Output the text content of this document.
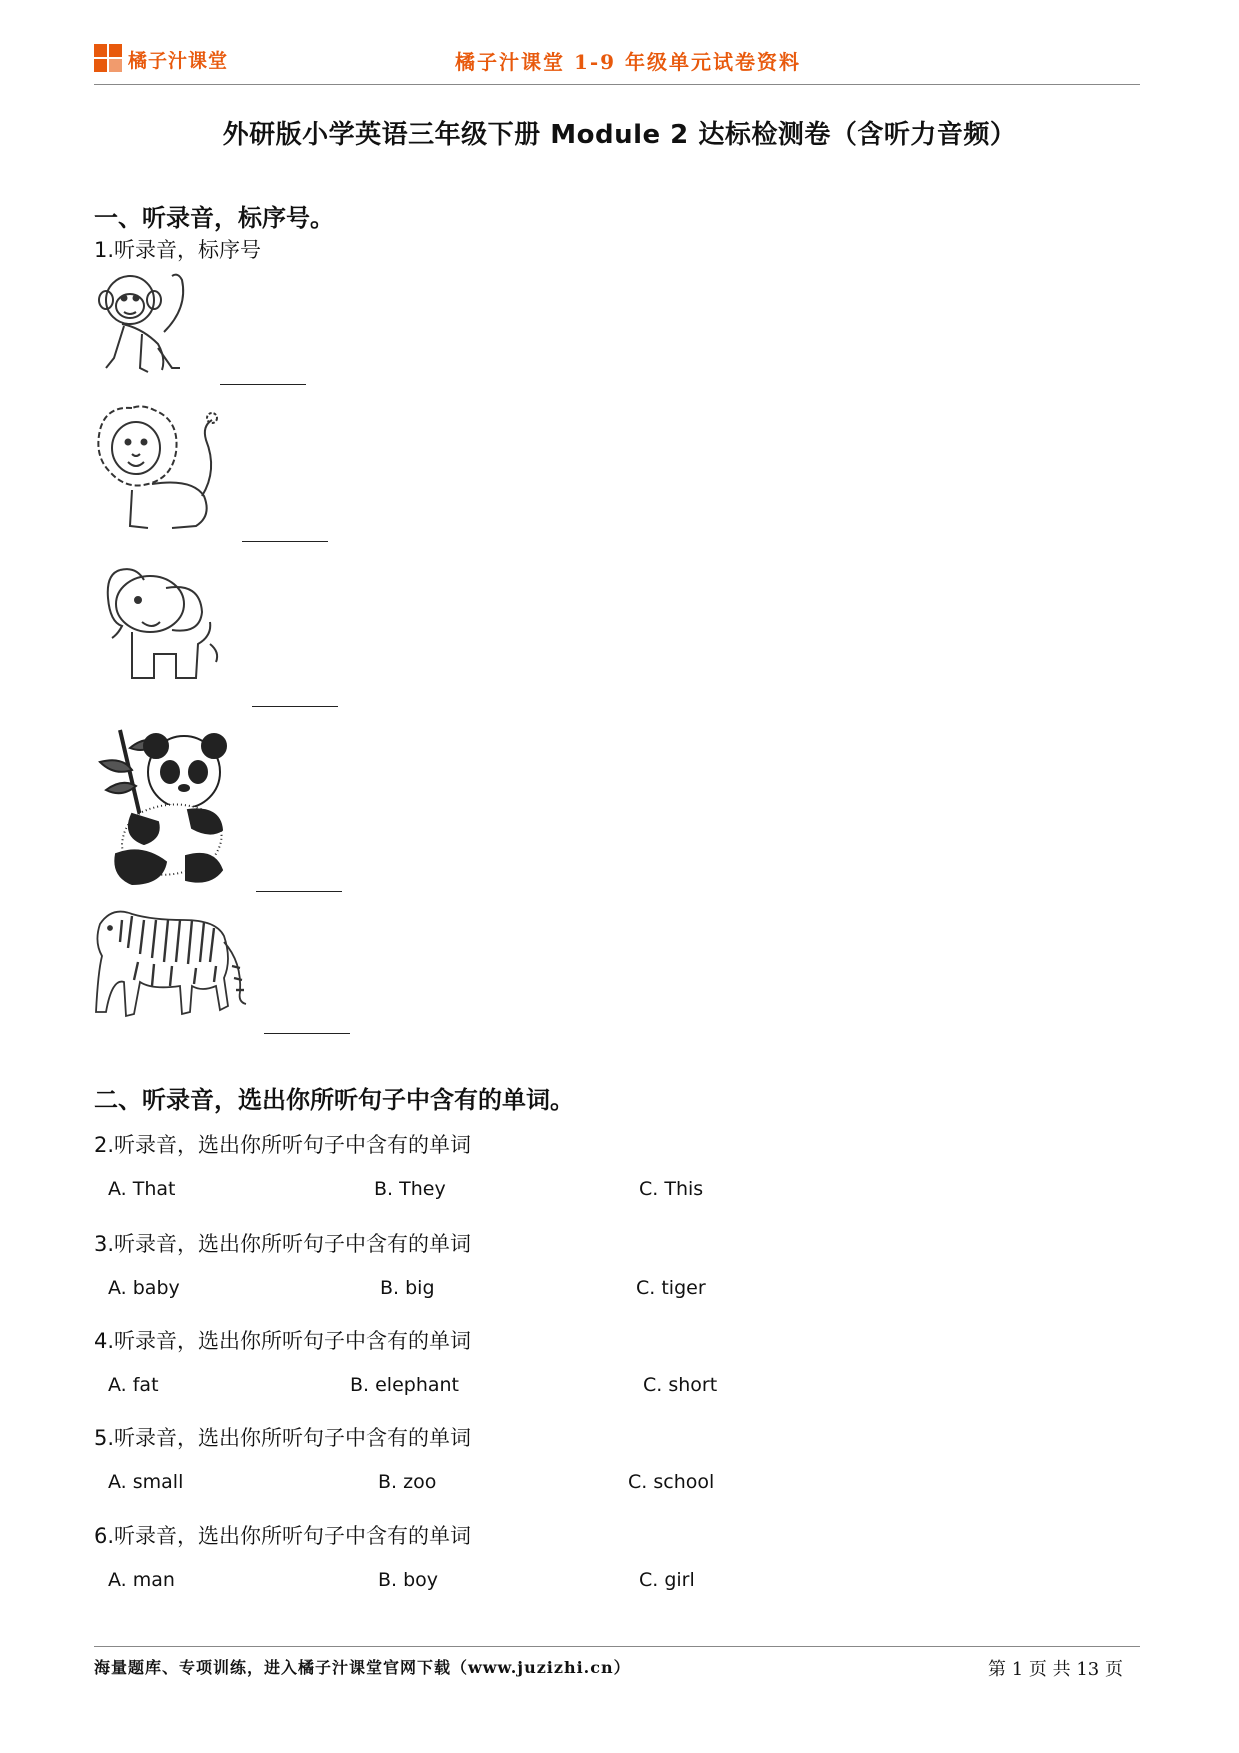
橘子汁课堂	橘子汁课堂 1-9 年级单元试卷资料
外研版小学英语三年级下册 Module 2 达标检测卷（含听力音频）
一、听录音，标序号。
1.听录音，标序号
二、听录音，选出你所听句子中含有的单词。
2.听录音，选出你所听句子中含有的单词
A. That	B. They	C. This
3.听录音，选出你所听句子中含有的单词
A. baby	B. big	C. tiger
4.听录音，选出你所听句子中含有的单词
A. fat	B. elephant	C. short
5.听录音，选出你所听句子中含有的单词
A. small	B. zoo	C. school
6.听录音，选出你所听句子中含有的单词
A. man	B. boy	C. girl
海量题库、专项训练，进入橘子汁课堂官网下载（www.juzizhi.cn）	第 1 页 共 13 页
